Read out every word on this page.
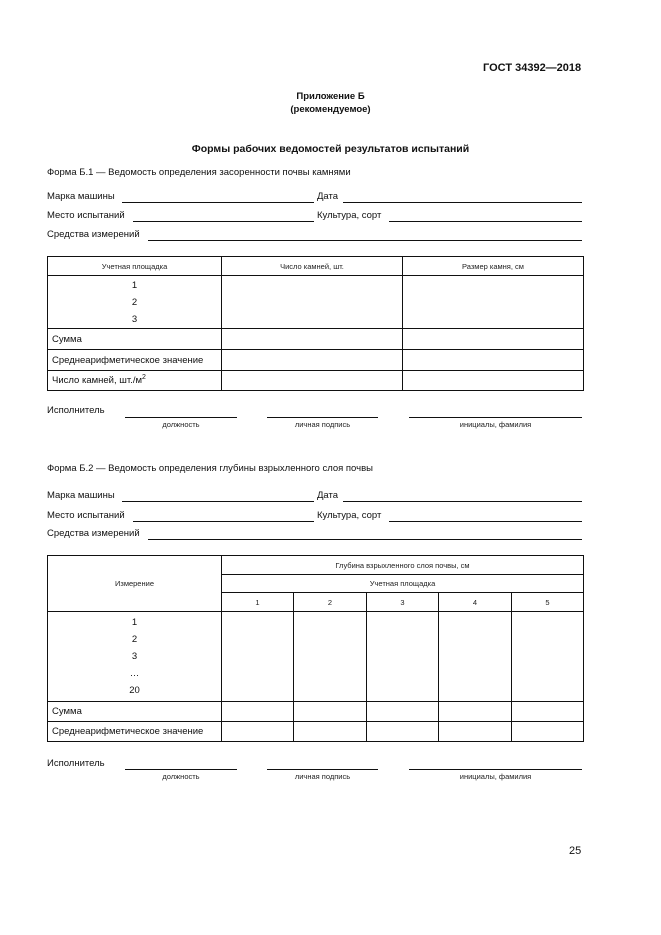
ГОСТ 34392—2018
Приложение Б
(рекомендуемое)
Формы рабочих ведомостей результатов испытаний
Форма Б.1 — Ведомость определения засоренности почвы камнями
Марка машины	Дата
Место испытаний	Культура, сорт
Средства измерений
Учетная площадка	Число камней, шт.	Размер камня, см

1
2
3		

Сумма		
Среднеарифметическое значение		
Число камней, $шт./м^2$		
Исполнитель
должность	личная подпись	инициалы, фамилия
Форма Б.2 — Ведомость определения глубины взрыхленного слоя почвы
Марка машины	Дата
Место испытаний	Культура, сорт
Средства измерений
Измерение	Глубина взрыхленного слоя почвы, см				
	Учетная площадка				
	1	2	3	4	5

1
2
3
…
20					

Сумма					
Среднеарифметическое значение					
Исполнитель
должность	личная подпись	инициалы, фамилия
25
